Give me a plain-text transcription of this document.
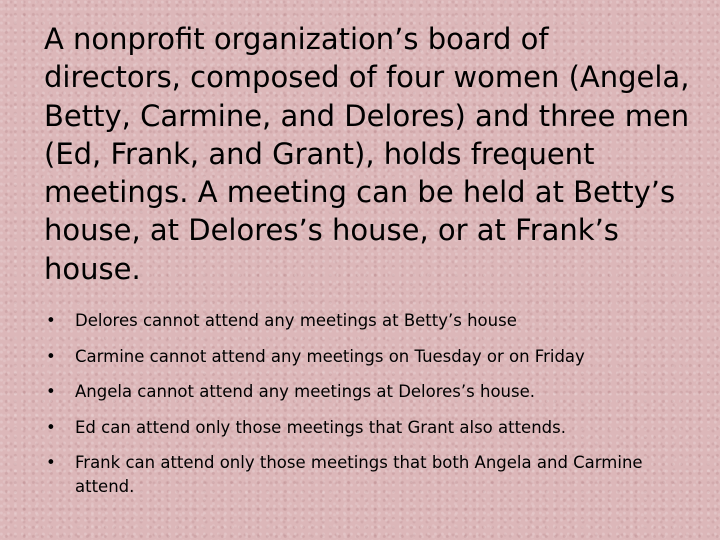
A nonprofit organization’s board of directors, composed of four women (Angela, Betty, Carmine, and Delores) and three men (Ed, Frank, and Grant), holds frequent meetings. A meeting can be held at Betty’s house, at Delores’s house, or at Frank’s house.

• Delores cannot attend any meetings at Betty’s house
• Carmine cannot attend any meetings on Tuesday or on Friday
• Angela cannot attend any meetings at Delores’s house.
• Ed can attend only those meetings that Grant also attends.
• Frank can attend only those meetings that both Angela and Carmine attend.
